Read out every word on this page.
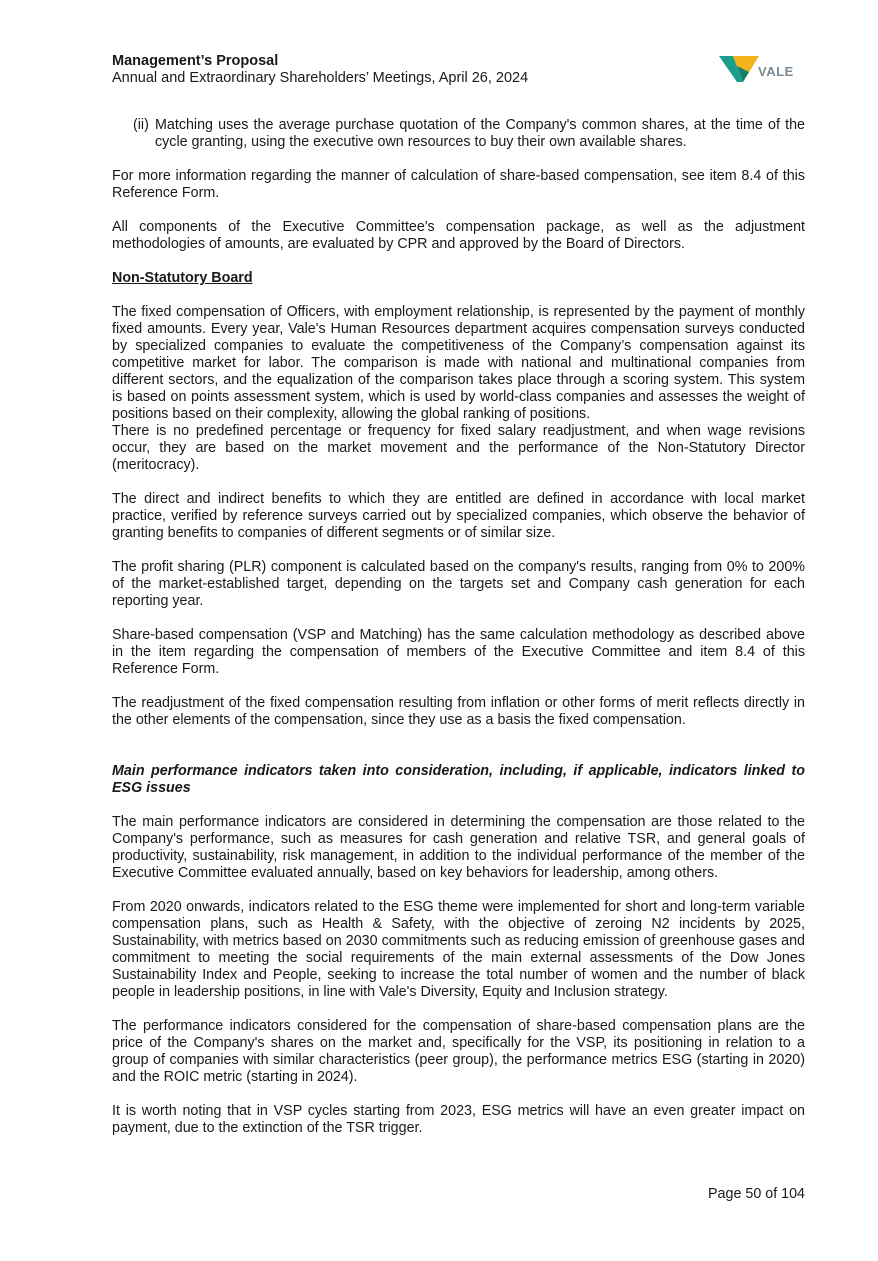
Management’s Proposal
Annual and Extraordinary Shareholders’ Meetings, April 26, 2024	VALE
(ii) Matching uses the average purchase quotation of the Company's common shares, at the time of the cycle granting, using the executive own resources to buy their own available shares.

For more information regarding the manner of calculation of share-based compensation, see item 8.4 of this Reference Form.

All components of the Executive Committee's compensation package, as well as the adjustment methodologies of amounts, are evaluated by CPR and approved by the Board of Directors.

Non-Statutory Board

The fixed compensation of Officers, with employment relationship, is represented by the payment of monthly fixed amounts. Every year, Vale's Human Resources department acquires compensation surveys conducted by specialized companies to evaluate the competitiveness of the Company’s compensation against its competitive market for labor. The comparison is made with national and multinational companies from different sectors, and the equalization of the comparison takes place through a scoring system. This system is based on points assessment system, which is used by world-class companies and assesses the weight of positions based on their complexity, allowing the global ranking of positions.

There is no predefined percentage or frequency for fixed salary readjustment, and when wage revisions occur, they are based on the market movement and the performance of the Non-Statutory Director (meritocracy).

The direct and indirect benefits to which they are entitled are defined in accordance with local market practice, verified by reference surveys carried out by specialized companies, which observe the behavior of granting benefits to companies of different segments or of similar size.

The profit sharing (PLR) component is calculated based on the company's results, ranging from 0% to 200% of the market-established target, depending on the targets set and Company cash generation for each reporting year.

Share-based compensation (VSP and Matching) has the same calculation methodology as described above in the item regarding the compensation of members of the Executive Committee and item 8.4 of this Reference Form.

The readjustment of the fixed compensation resulting from inflation or other forms of merit reflects directly in the other elements of the compensation, since they use as a basis the fixed compensation.

Main performance indicators taken into consideration, including, if applicable, indicators linked to ESG issues

The main performance indicators are considered in determining the compensation are those related to the Company's performance, such as measures for cash generation and relative TSR, and general goals of productivity, sustainability, risk management, in addition to the individual performance of the member of the Executive Committee evaluated annually, based on key behaviors for leadership, among others.

From 2020 onwards, indicators related to the ESG theme were implemented for short and long-term variable compensation plans, such as Health & Safety, with the objective of zeroing N2 incidents by 2025, Sustainability, with metrics based on 2030 commitments such as reducing emission of greenhouse gases and commitment to meeting the social requirements of the main external assessments of the Dow Jones Sustainability Index and People, seeking to increase the total number of women and the number of black people in leadership positions, in line with Vale's Diversity, Equity and Inclusion strategy.

The performance indicators considered for the compensation of share-based compensation plans are the price of the Company's shares on the market and, specifically for the VSP, its positioning in relation to a group of companies with similar characteristics (peer group), the performance metrics ESG (starting in 2020) and the ROIC metric (starting in 2024).

It is worth noting that in VSP cycles starting from 2023, ESG metrics will have an even greater impact on payment, due to the extinction of the TSR trigger.

Page 50 of 104
